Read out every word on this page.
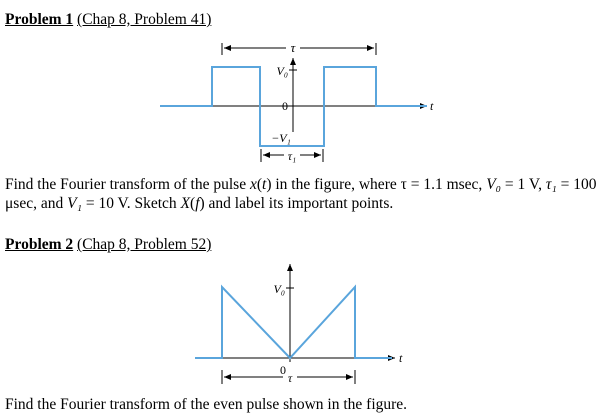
Problem 1 (Chap 8, Problem 41)
τ
V₀
0
−V₁
t
τ₁
Find the Fourier transform of the pulse x(t) in the figure, where τ = 1.1 msec, V₀ = 1 V, τ₁ = 100 μsec, and V₁ = 10 V. Sketch X(f) and label its important points.
Problem 2 (Chap 8, Problem 52)
V₀
t
0
τ
Find the Fourier transform of the even pulse shown in the figure.
